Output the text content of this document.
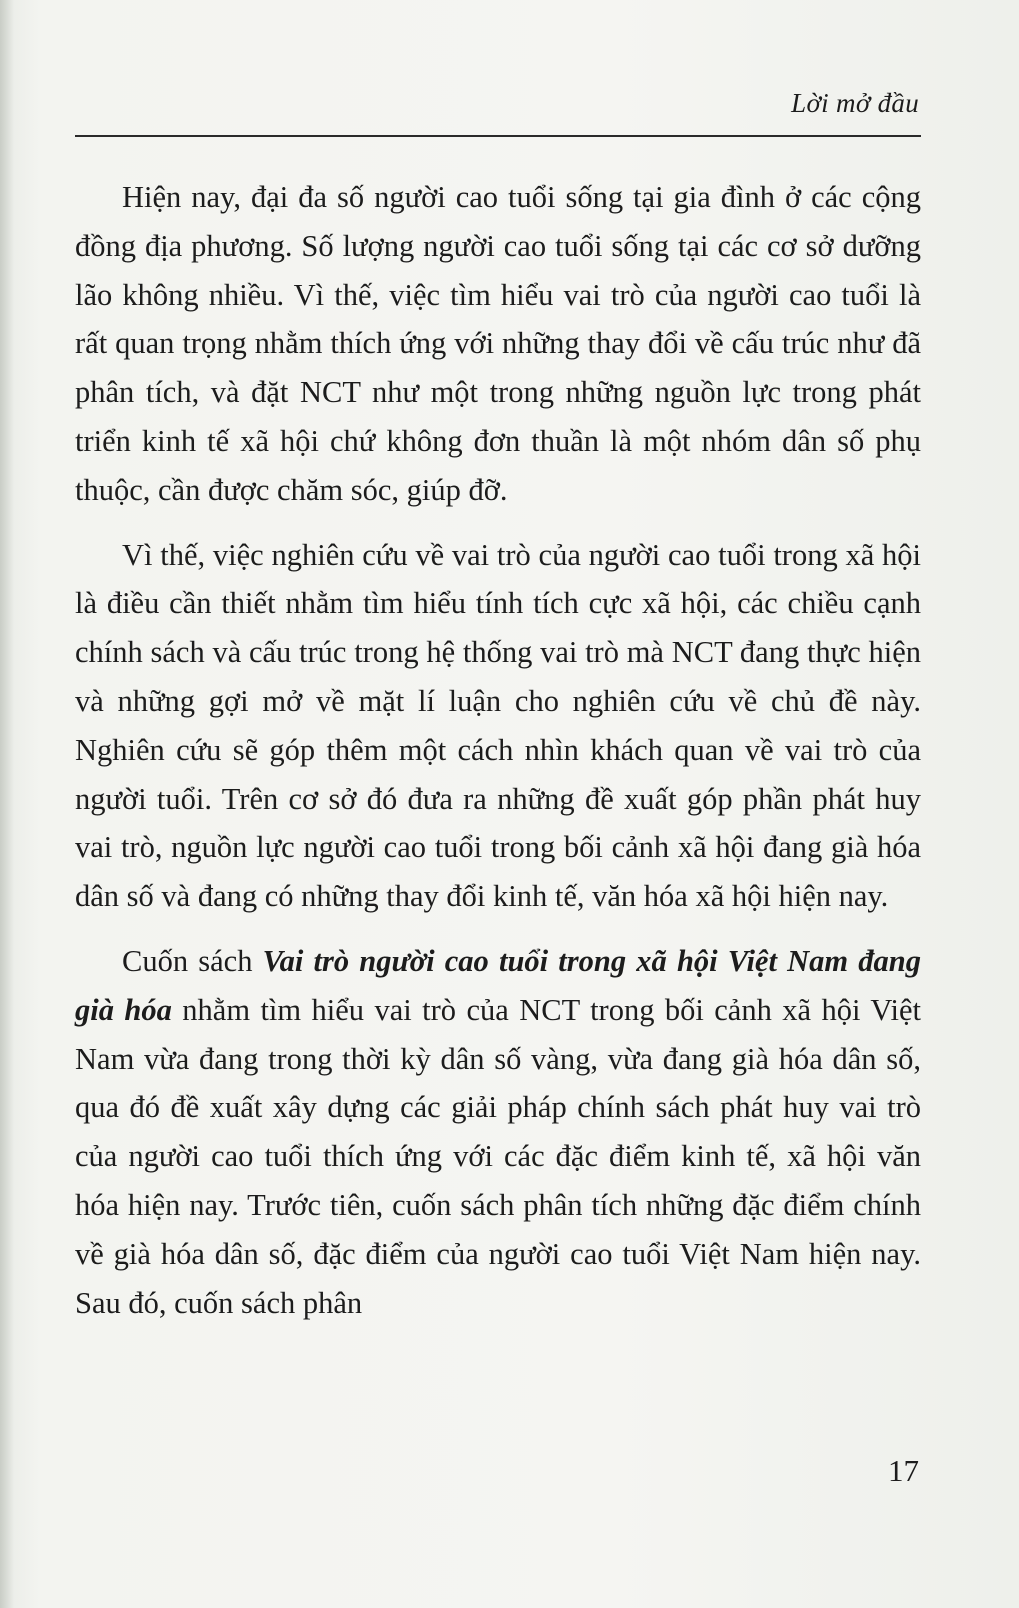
Lời mở đầu

Hiện nay, đại đa số người cao tuổi sống tại gia đình ở các cộng đồng địa phương. Số lượng người cao tuổi sống tại các cơ sở dưỡng lão không nhiều. Vì thế, việc tìm hiểu vai trò của người cao tuổi là rất quan trọng nhằm thích ứng với những thay đổi về cấu trúc như đã phân tích, và đặt NCT như một trong những nguồn lực trong phát triển kinh tế xã hội chứ không đơn thuần là một nhóm dân số phụ thuộc, cần được chăm sóc, giúp đỡ.

Vì thế, việc nghiên cứu về vai trò của người cao tuổi trong xã hội là điều cần thiết nhằm tìm hiểu tính tích cực xã hội, các chiều cạnh chính sách và cấu trúc trong hệ thống vai trò mà NCT đang thực hiện và những gợi mở về mặt lí luận cho nghiên cứu về chủ đề này. Nghiên cứu sẽ góp thêm một cách nhìn khách quan về vai trò của người tuổi. Trên cơ sở đó đưa ra những đề xuất góp phần phát huy vai trò, nguồn lực người cao tuổi trong bối cảnh xã hội đang già hóa dân số và đang có những thay đổi kinh tế, văn hóa xã hội hiện nay.

Cuốn sách Vai trò người cao tuổi trong xã hội Việt Nam đang già hóa nhằm tìm hiểu vai trò của NCT trong bối cảnh xã hội Việt Nam vừa đang trong thời kỳ dân số vàng, vừa đang già hóa dân số, qua đó đề xuất xây dựng các giải pháp chính sách phát huy vai trò của người cao tuổi thích ứng với các đặc điểm kinh tế, xã hội văn hóa hiện nay. Trước tiên, cuốn sách phân tích những đặc điểm chính về già hóa dân số, đặc điểm của người cao tuổi Việt Nam hiện nay. Sau đó, cuốn sách phân

17
